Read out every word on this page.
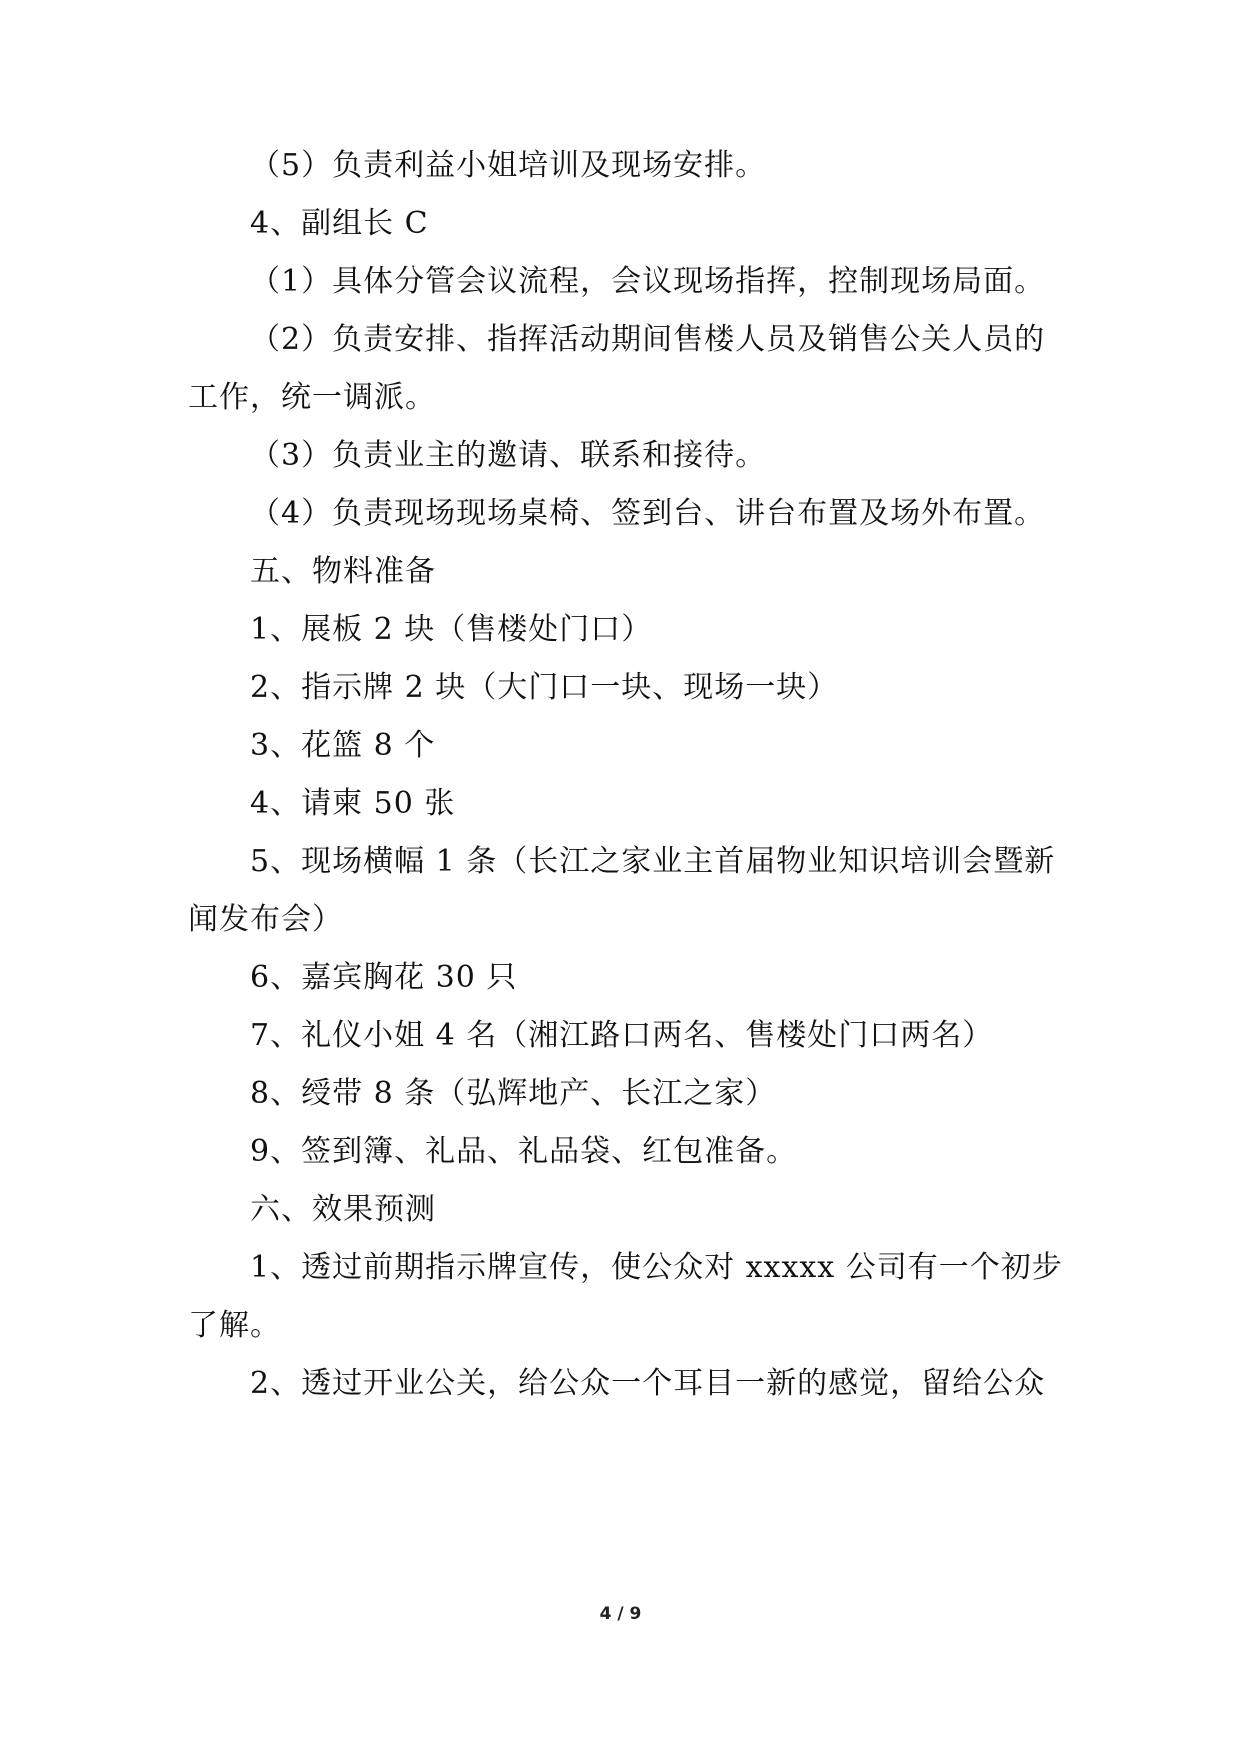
（5）负责利益小姐培训及现场安排。
4、副组长 C
（1）具体分管会议流程，会议现场指挥，控制现场局面。
（2）负责安排、指挥活动期间售楼人员及销售公关人员的
工作，统一调派。
（3）负责业主的邀请、联系和接待。
（4）负责现场现场桌椅、签到台、讲台布置及场外布置。
五、物料准备
1、展板 2 块（售楼处门口）
2、指示牌 2 块（大门口一块、现场一块）
3、花篮 8 个
4、请柬 50 张
5、现场横幅 1 条（长江之家业主首届物业知识培训会暨新
闻发布会）
6、嘉宾胸花 30 只
7、礼仪小姐 4 名（湘江路口两名、售楼处门口两名）
8、绶带 8 条（弘辉地产、长江之家）
9、签到簿、礼品、礼品袋、红包准备。
六、效果预测
1、透过前期指示牌宣传，使公众对 xxxxx 公司有一个初步
了解。
2、透过开业公关，给公众一个耳目一新的感觉，留给公众
4 / 9
